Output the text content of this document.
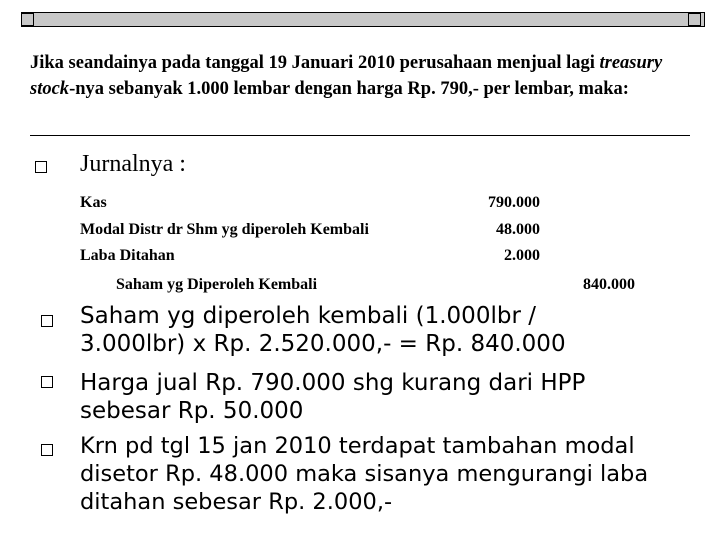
Jika seandainya pada tanggal 19 Januari 2010 perusahaan menjual lagi treasury stock-nya sebanyak 1.000 lembar dengan harga Rp. 790,- per lembar, maka:

Jurnalnya :
Kas	790.000
Modal Distr dr Shm yg diperoleh Kembali	48.000
Laba Ditahan	2.000
Saham yg Diperoleh Kembali	840.000
Saham yg diperoleh kembali (1.000lbr /
3.000lbr) x Rp. 2.520.000,- = Rp. 840.000
Harga jual Rp. 790.000 shg kurang dari HPP
sebesar Rp. 50.000
Krn pd tgl 15 jan 2010 terdapat tambahan modal
disetor Rp. 48.000 maka sisanya mengurangi laba
ditahan sebesar Rp. 2.000,-
